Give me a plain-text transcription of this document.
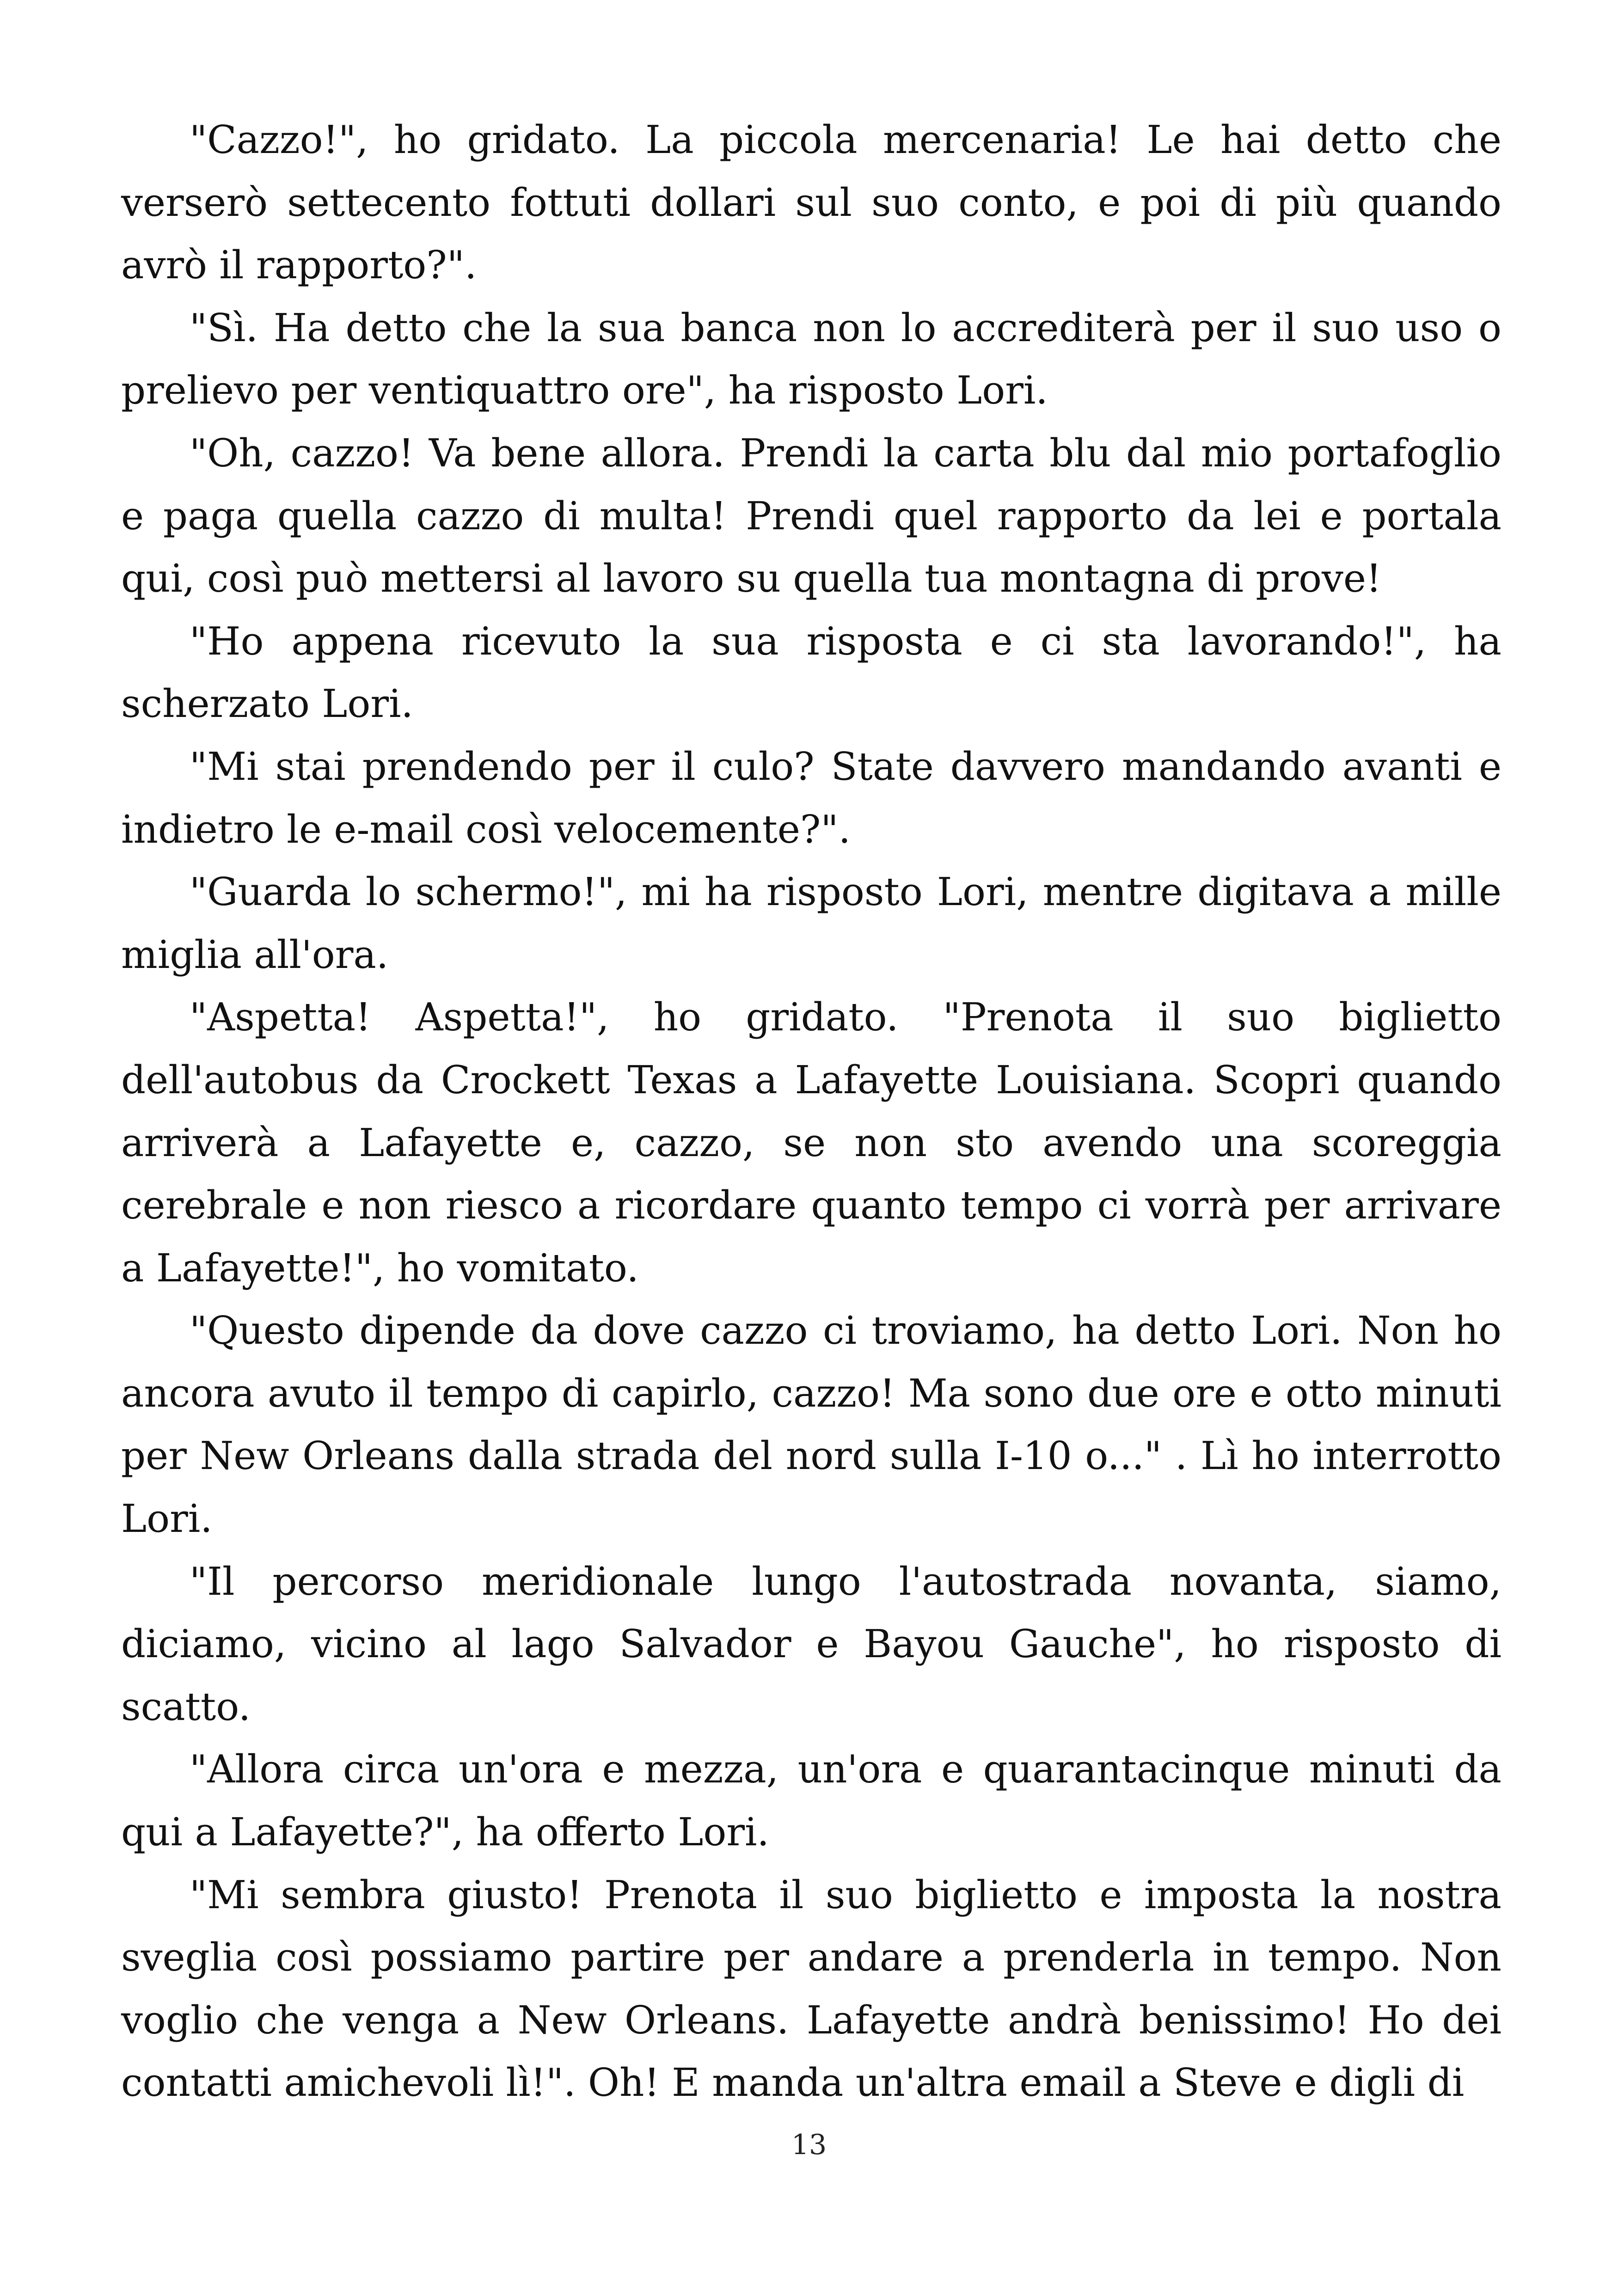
"Cazzo!", ho gridato. La piccola mercenaria! Le hai detto che verserò settecento fottuti dollari sul suo conto, e poi di più quando avrò il rapporto?".

"Sì. Ha detto che la sua banca non lo accrediterà per il suo uso o prelievo per ventiquattro ore", ha risposto Lori.

"Oh, cazzo! Va bene allora. Prendi la carta blu dal mio portafoglio e paga quella cazzo di multa! Prendi quel rapporto da lei e portala qui, così può mettersi al lavoro su quella tua montagna di prove!

"Ho appena ricevuto la sua risposta e ci sta lavorando!", ha scherzato Lori.

"Mi stai prendendo per il culo? State davvero mandando avanti e indietro le e-mail così velocemente?".

"Guarda lo schermo!", mi ha risposto Lori, mentre digitava a mille miglia all'ora.

"Aspetta! Aspetta!", ho gridato. "Prenota il suo biglietto dell'autobus da Crockett Texas a Lafayette Louisiana. Scopri quando arriverà a Lafayette e, cazzo, se non sto avendo una scoreggia cerebrale e non riesco a ricordare quanto tempo ci vorrà per arrivare a Lafayette!", ho vomitato.

"Questo dipende da dove cazzo ci troviamo, ha detto Lori. Non ho ancora avuto il tempo di capirlo, cazzo! Ma sono due ore e otto minuti per New Orleans dalla strada del nord sulla I-10 o..." . Lì ho interrotto Lori.

"Il percorso meridionale lungo l'autostrada novanta, siamo, diciamo, vicino al lago Salvador e Bayou Gauche", ho risposto di scatto.

"Allora circa un'ora e mezza, un'ora e quarantacinque minuti da qui a Lafayette?", ha offerto Lori.

"Mi sembra giusto! Prenota il suo biglietto e imposta la nostra sveglia così possiamo partire per andare a prenderla in tempo. Non voglio che venga a New Orleans. Lafayette andrà benissimo! Ho dei contatti amichevoli lì!". Oh! E manda un'altra email a Steve e digli di

13
